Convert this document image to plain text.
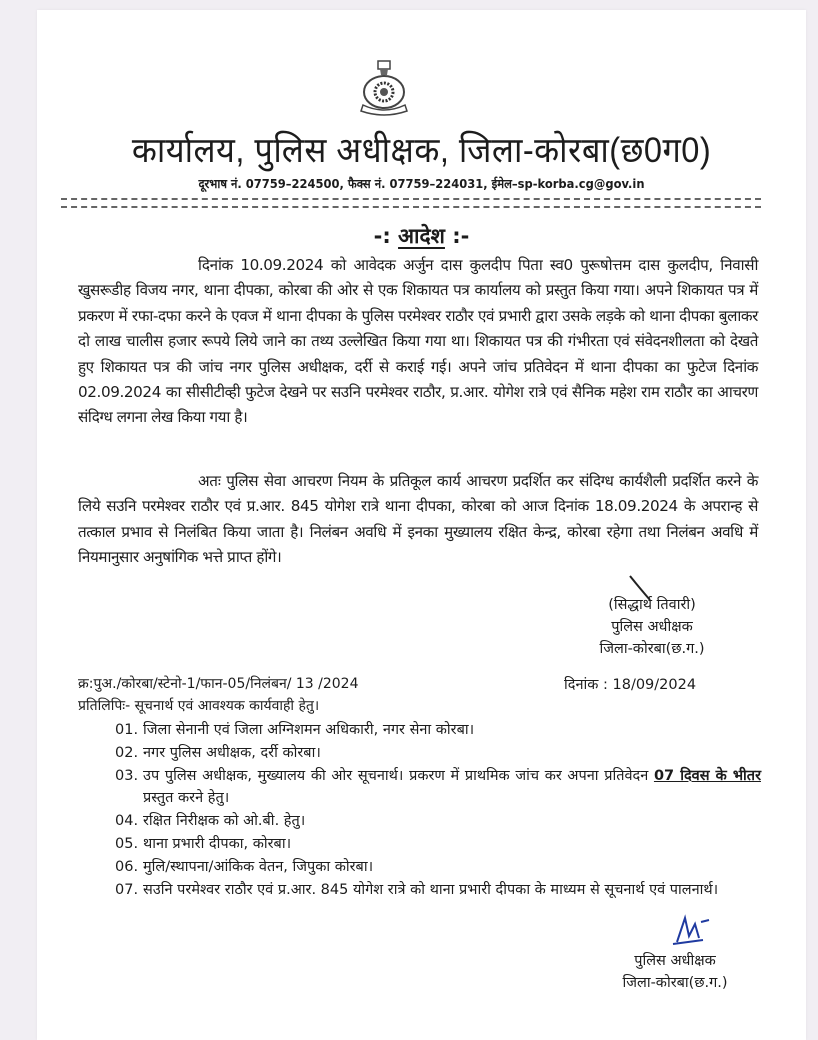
कार्यालय, पुलिस अधीक्षक, जिला-कोरबा(छ0ग0)
दूरभाष नं. 07759–224500, फैक्स नं. 07759–224031, ईमेल–sp-korba.cg@gov.in
-: आदेश :-
दिनांक 10.09.2024 को आवेदक अर्जुन दास कुलदीप पिता स्व0 पुरूषोत्तम दास कुलदीप, निवासी खुसरूडीह विजय नगर, थाना दीपका, कोरबा की ओर से एक शिकायत पत्र कार्यालय को प्रस्तुत किया गया। अपने शिकायत पत्र में प्रकरण में रफा-दफा करने के एवज में थाना दीपका के पुलिस परमेश्वर राठौर एवं प्रभारी द्वारा उसके लड़के को थाना दीपका बुलाकर दो लाख चालीस हजार रूपये लिये जाने का तथ्य उल्लेखित किया गया था। शिकायत पत्र की गंभीरता एवं संवेदनशीलता को देखते हुए शिकायत पत्र की जांच नगर पुलिस अधीक्षक, दर्री से कराई गई। अपने जांच प्रतिवेदन में थाना दीपका का फुटेज दिनांक 02.09.2024 का सीसीटीव्ही फुटेज देखने पर सउनि परमेश्वर राठौर, प्र.आर. योगेश रात्रे एवं सैनिक महेश राम राठौर का आचरण संदिग्ध लगना लेख किया गया है।
अतः पुलिस सेवा आचरण नियम के प्रतिकूल कार्य आचरण प्रदर्शित कर संदिग्ध कार्यशैली प्रदर्शित करने के लिये सउनि परमेश्वर राठौर एवं प्र.आर. 845 योगेश रात्रे थाना दीपका, कोरबा को आज दिनांक 18.09.2024 के अपरान्ह से तत्काल प्रभाव से निलंबित किया जाता है। निलंबन अवधि में इनका मुख्यालय रक्षित केन्द्र, कोरबा रहेगा तथा निलंबन अवधि में नियमानुसार अनुषांगिक भत्ते प्राप्त होंगे।
(सिद्धार्थ तिवारी)
पुलिस अधीक्षक
जिला-कोरबा(छ.ग.)
दिनांक : 18/09/2024
क्र:पुअ./कोरबा/स्टेनो-1/फान-05/निलंबन/ 13 /2024
प्रतिलिपिः- सूचनार्थ एवं आवश्यक कार्यवाही हेतु।
01. जिला सेनानी एवं जिला अग्निशमन अधिकारी, नगर सेना कोरबा।
02. नगर पुलिस अधीक्षक, दर्री कोरबा।
03. उप पुलिस अधीक्षक, मुख्यालय की ओर सूचनार्थ। प्रकरण में प्राथमिक जांच कर अपना प्रतिवेदन 07 दिवस के भीतर प्रस्तुत करने हेतु।
04. रक्षित निरीक्षक को ओ.बी. हेतु।
05. थाना प्रभारी दीपका, कोरबा।
06. मुलि/स्थापना/आंकिक वेतन, जिपुका कोरबा।
07. सउनि परमेश्वर राठौर एवं प्र.आर. 845 योगेश रात्रे को थाना प्रभारी दीपका के माध्यम से सूचनार्थ एवं पालनार्थ।
पुलिस अधीक्षक
जिला-कोरबा(छ.ग.)
